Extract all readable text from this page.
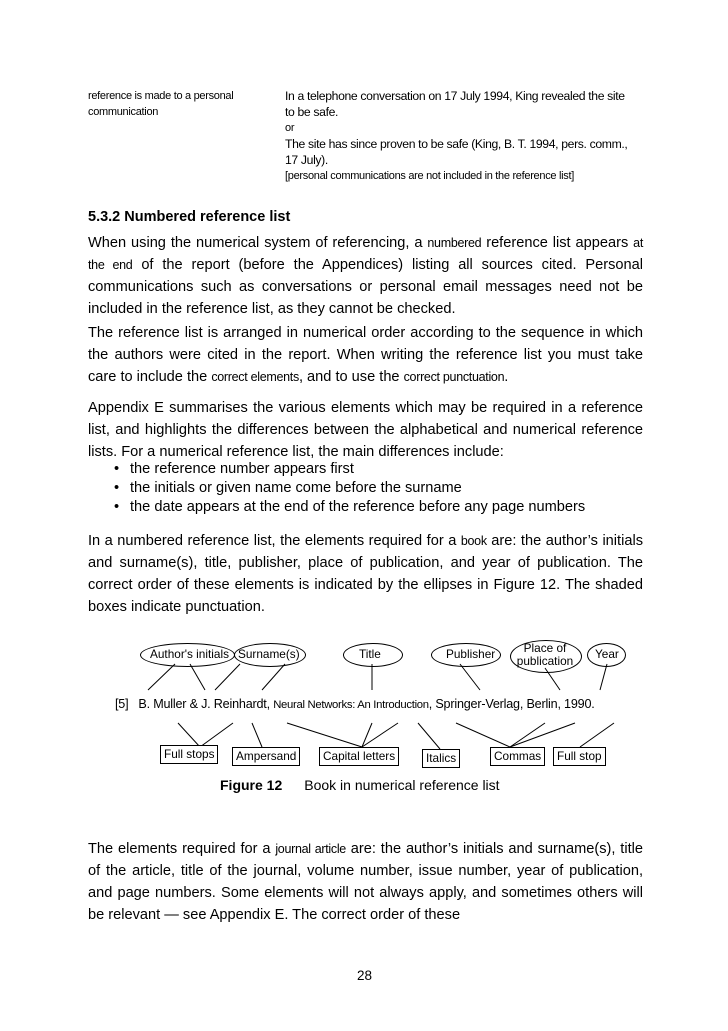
reference is made to a personal
communication
In a telephone conversation on 17 July 1994, King revealed the site
to be safe.
or
The site has since proven to be safe (King, B. T. 1994, pers. comm.,
17 July).
[personal communications are not included in the reference list]
5.3.2 Numbered reference list
When using the numerical system of referencing, a numbered reference list appears at the end of the report (before the Appendices) listing all sources cited. Personal communications such as conversations or personal email messages need not be included in the reference list, as they cannot be checked.
The reference list is arranged in numerical order according to the sequence in which the authors were cited in the report. When writing the reference list you must take care to include the correct elements, and to use the correct punctuation.
Appendix E summarises the various elements which may be required in a reference list, and highlights the differences between the alphabetical and numerical reference lists. For a numerical reference list, the main differences include:
• the reference number appears first
• the initials or given name come before the surname
• the date appears at the end of the reference before any page numbers
In a numbered reference list, the elements required for a book are: the author’s initials and surname(s), title, publisher, place of publication, and year of publication. The correct order of these elements is indicated by the ellipses in Figure 12. The shaded boxes indicate punctuation.
Author's initials Surname(s)	Title	Publisher	Place of
publication	Year
[5] B. Muller & J. Reinhardt, Neural Networks: An Introduction, Springer-Verlag, Berlin, 1990.
Full stops	Ampersand	Capital letters	Italics	Commas	Full stop
Figure 12 Book in numerical reference list
The elements required for a journal article are: the author’s initials and surname(s), title of the article, title of the journal, volume number, issue number, year of publication, and page numbers. Some elements will not always apply, and sometimes others will be relevant — see Appendix E. The correct order of these
28
